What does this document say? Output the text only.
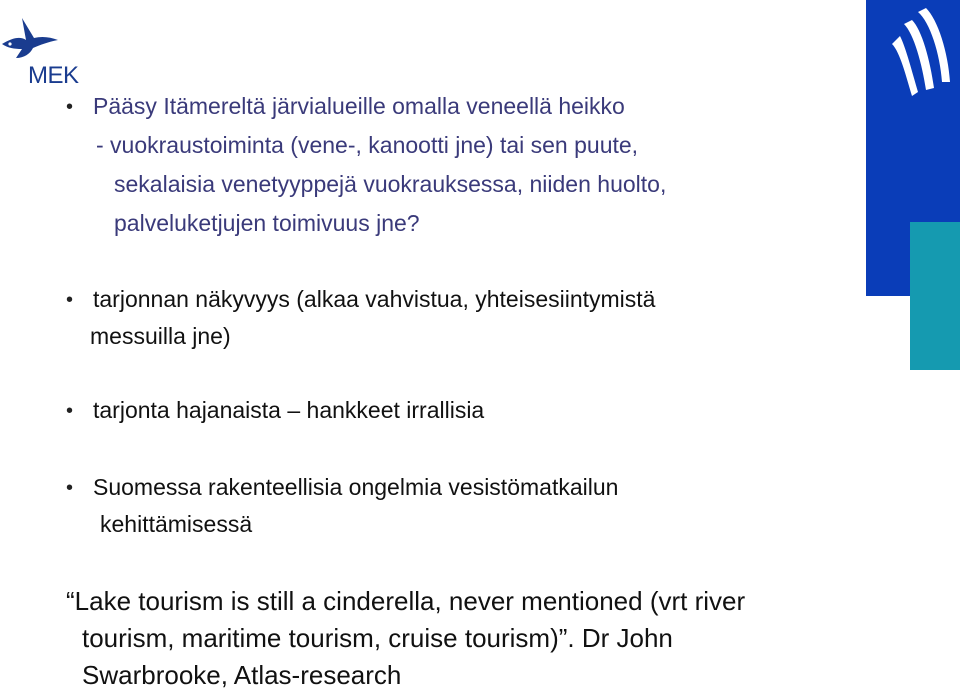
MEK
• Pääsy Itämereltä järvialueille omalla veneellä heikko
- vuokraustoiminta (vene-, kanootti jne) tai sen puute,
sekalaisia venetyyppejä vuokrauksessa, niiden huolto,
palveluketjujen toimivuus jne?
• tarjonnan näkyvyys (alkaa vahvistua, yhteisesiintymistä
messuilla jne)
• tarjonta hajanaista – hankkeet irrallisia
• Suomessa rakenteellisia ongelmia vesistömatkailun
kehittämisessä
“Lake tourism is still a cinderella, never mentioned (vrt river
tourism, maritime tourism, cruise tourism)”. Dr John
Swarbrooke, Atlas-research
